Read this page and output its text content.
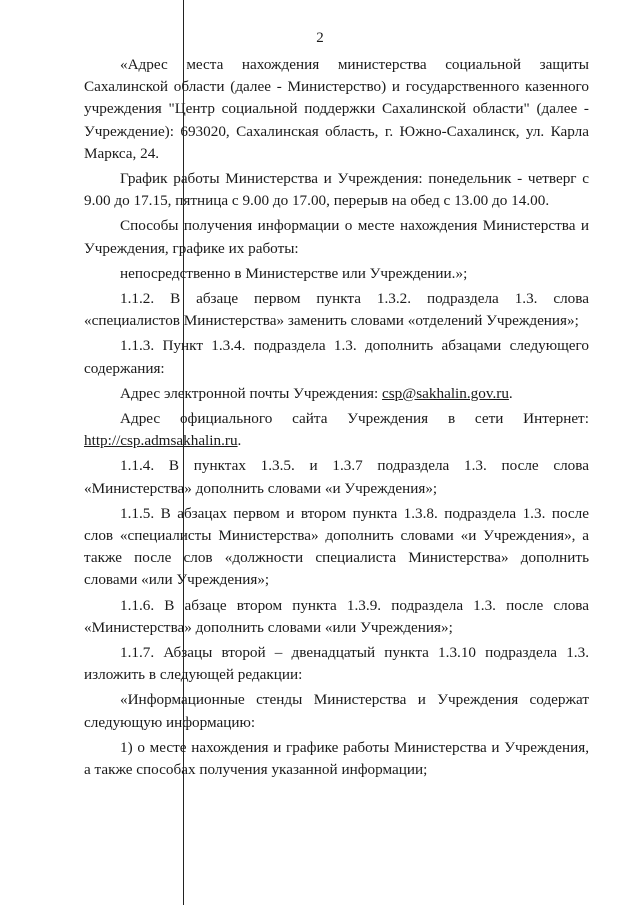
2

«Адрес места нахождения министерства социальной защиты Сахалинской области (далее - Министерство) и государственного казенного учреждения "Центр социальной поддержки Сахалинской области" (далее - Учреждение): 693020, Сахалинская область, г. Южно-Сахалинск, ул. Карла Маркса, 24.

График работы Министерства и Учреждения: понедельник - четверг с 9.00 до 17.15, пятница с 9.00 до 17.00, перерыв на обед с 13.00 до 14.00.

Способы получения информации о месте нахождения Министерства и Учреждения, графике их работы:

непосредственно в Министерстве или Учреждении.»;

1.1.2. В абзаце первом пункта 1.3.2. подраздела 1.3. слова «специалистов Министерства» заменить словами «отделений Учреждения»;

1.1.3. Пункт 1.3.4. подраздела 1.3. дополнить абзацами следующего содержания:

Адрес электронной почты Учреждения: csp@sakhalin.gov.ru.

Адрес официального сайта Учреждения в сети Интернет:
http://csp.admsakhalin.ru.

1.1.4. В пунктах 1.3.5. и 1.3.7 подраздела 1.3. после слова «Министерства» дополнить словами «и Учреждения»;

1.1.5. В абзацах первом и втором пункта 1.3.8. подраздела 1.3. после слов «специалисты Министерства» дополнить словами «и Учреждения», а также после слов «должности специалиста Министерства» дополнить словами «или Учреждения»;

1.1.6. В абзаце втором пункта 1.3.9. подраздела 1.3. после слова «Министерства» дополнить словами «или Учреждения»;

1.1.7. Абзацы второй – двенадцатый пункта 1.3.10 подраздела 1.3. изложить в следующей редакции:

«Информационные стенды Министерства и Учреждения содержат следующую информацию:

1) о месте нахождения и графике работы Министерства и Учреждения, а также способах получения указанной информации;
